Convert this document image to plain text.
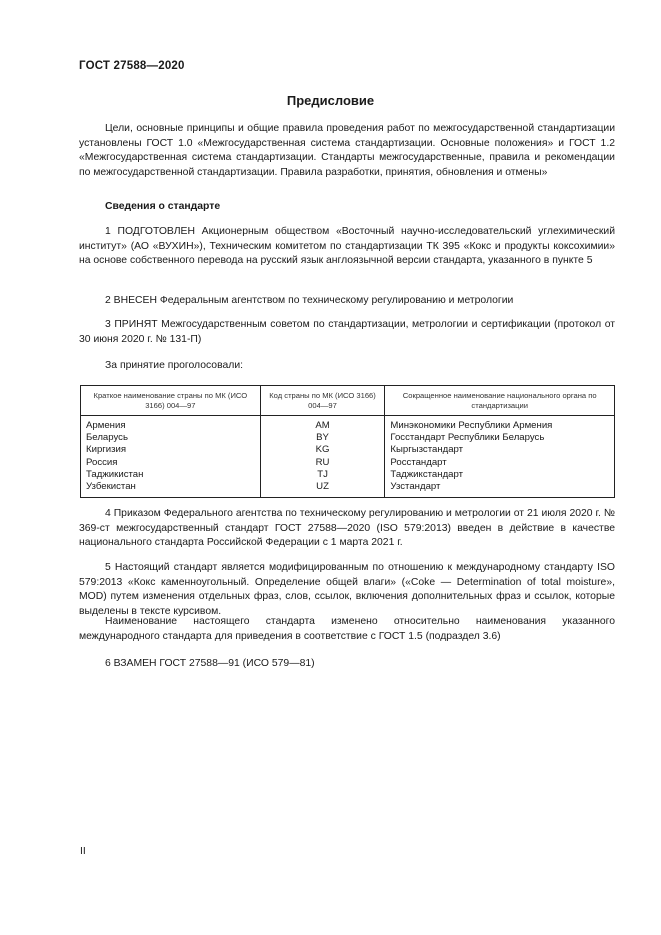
ГОСТ 27588—2020
Предисловие

Цели, основные принципы и общие правила проведения работ по межгосударственной стандартизации установлены ГОСТ 1.0 «Межгосударственная система стандартизации. Основные положения» и ГОСТ 1.2 «Межгосударственная система стандартизации. Стандарты межгосударственные, правила и рекомендации по межгосударственной стандартизации. Правила разработки, принятия, обновления и отмены»

Сведения о стандарте

1 ПОДГОТОВЛЕН Акционерным обществом «Восточный научно-исследовательский углехимический институт» (АО «ВУХИН»), Техническим комитетом по стандартизации ТК 395 «Кокс и продукты коксохимии» на основе собственного перевода на русский язык англоязычной версии стандарта, указанного в пункте 5

2 ВНЕСЕН Федеральным агентством по техническому регулированию и метрологии

3 ПРИНЯТ Межгосударственным советом по стандартизации, метрологии и сертификации (протокол от 30 июня 2020 г. № 131-П)

За принятие проголосовали:
Краткое наименование страны по МК (ИСО 3166) 004—97	Код страны по МК (ИСО 3166) 004—97	Сокращенное наименование национального органа по стандартизации
Армения	AM	Минэкономики Республики Армения
Беларусь	BY	Госстандарт Республики Беларусь
Киргизия	KG	Кыргызстандарт
Россия	RU	Росстандарт
Таджикистан	TJ	Таджикстандарт
Узбекистан	UZ	Узстандарт

4 Приказом Федерального агентства по техническому регулированию и метрологии от 21 июля 2020 г. № 369-ст межгосударственный стандарт ГОСТ 27588—2020 (ISO 579:2013) введен в действие в качестве национального стандарта Российской Федерации с 1 марта 2021 г.

5 Настоящий стандарт является модифицированным по отношению к международному стандарту ISO 579:2013 «Кокс каменноугольный. Определение общей влаги» («Coke — Determination of total moisture», MOD) путем изменения отдельных фраз, слов, ссылок, включения дополнительных фраз и ссылок, которые выделены в тексте курсивом.

Наименование настоящего стандарта изменено относительно наименования указанного международного стандарта для приведения в соответствие с ГОСТ 1.5 (подраздел 3.6)

6 ВЗАМЕН ГОСТ 27588—91 (ИСО 579—81)

II
